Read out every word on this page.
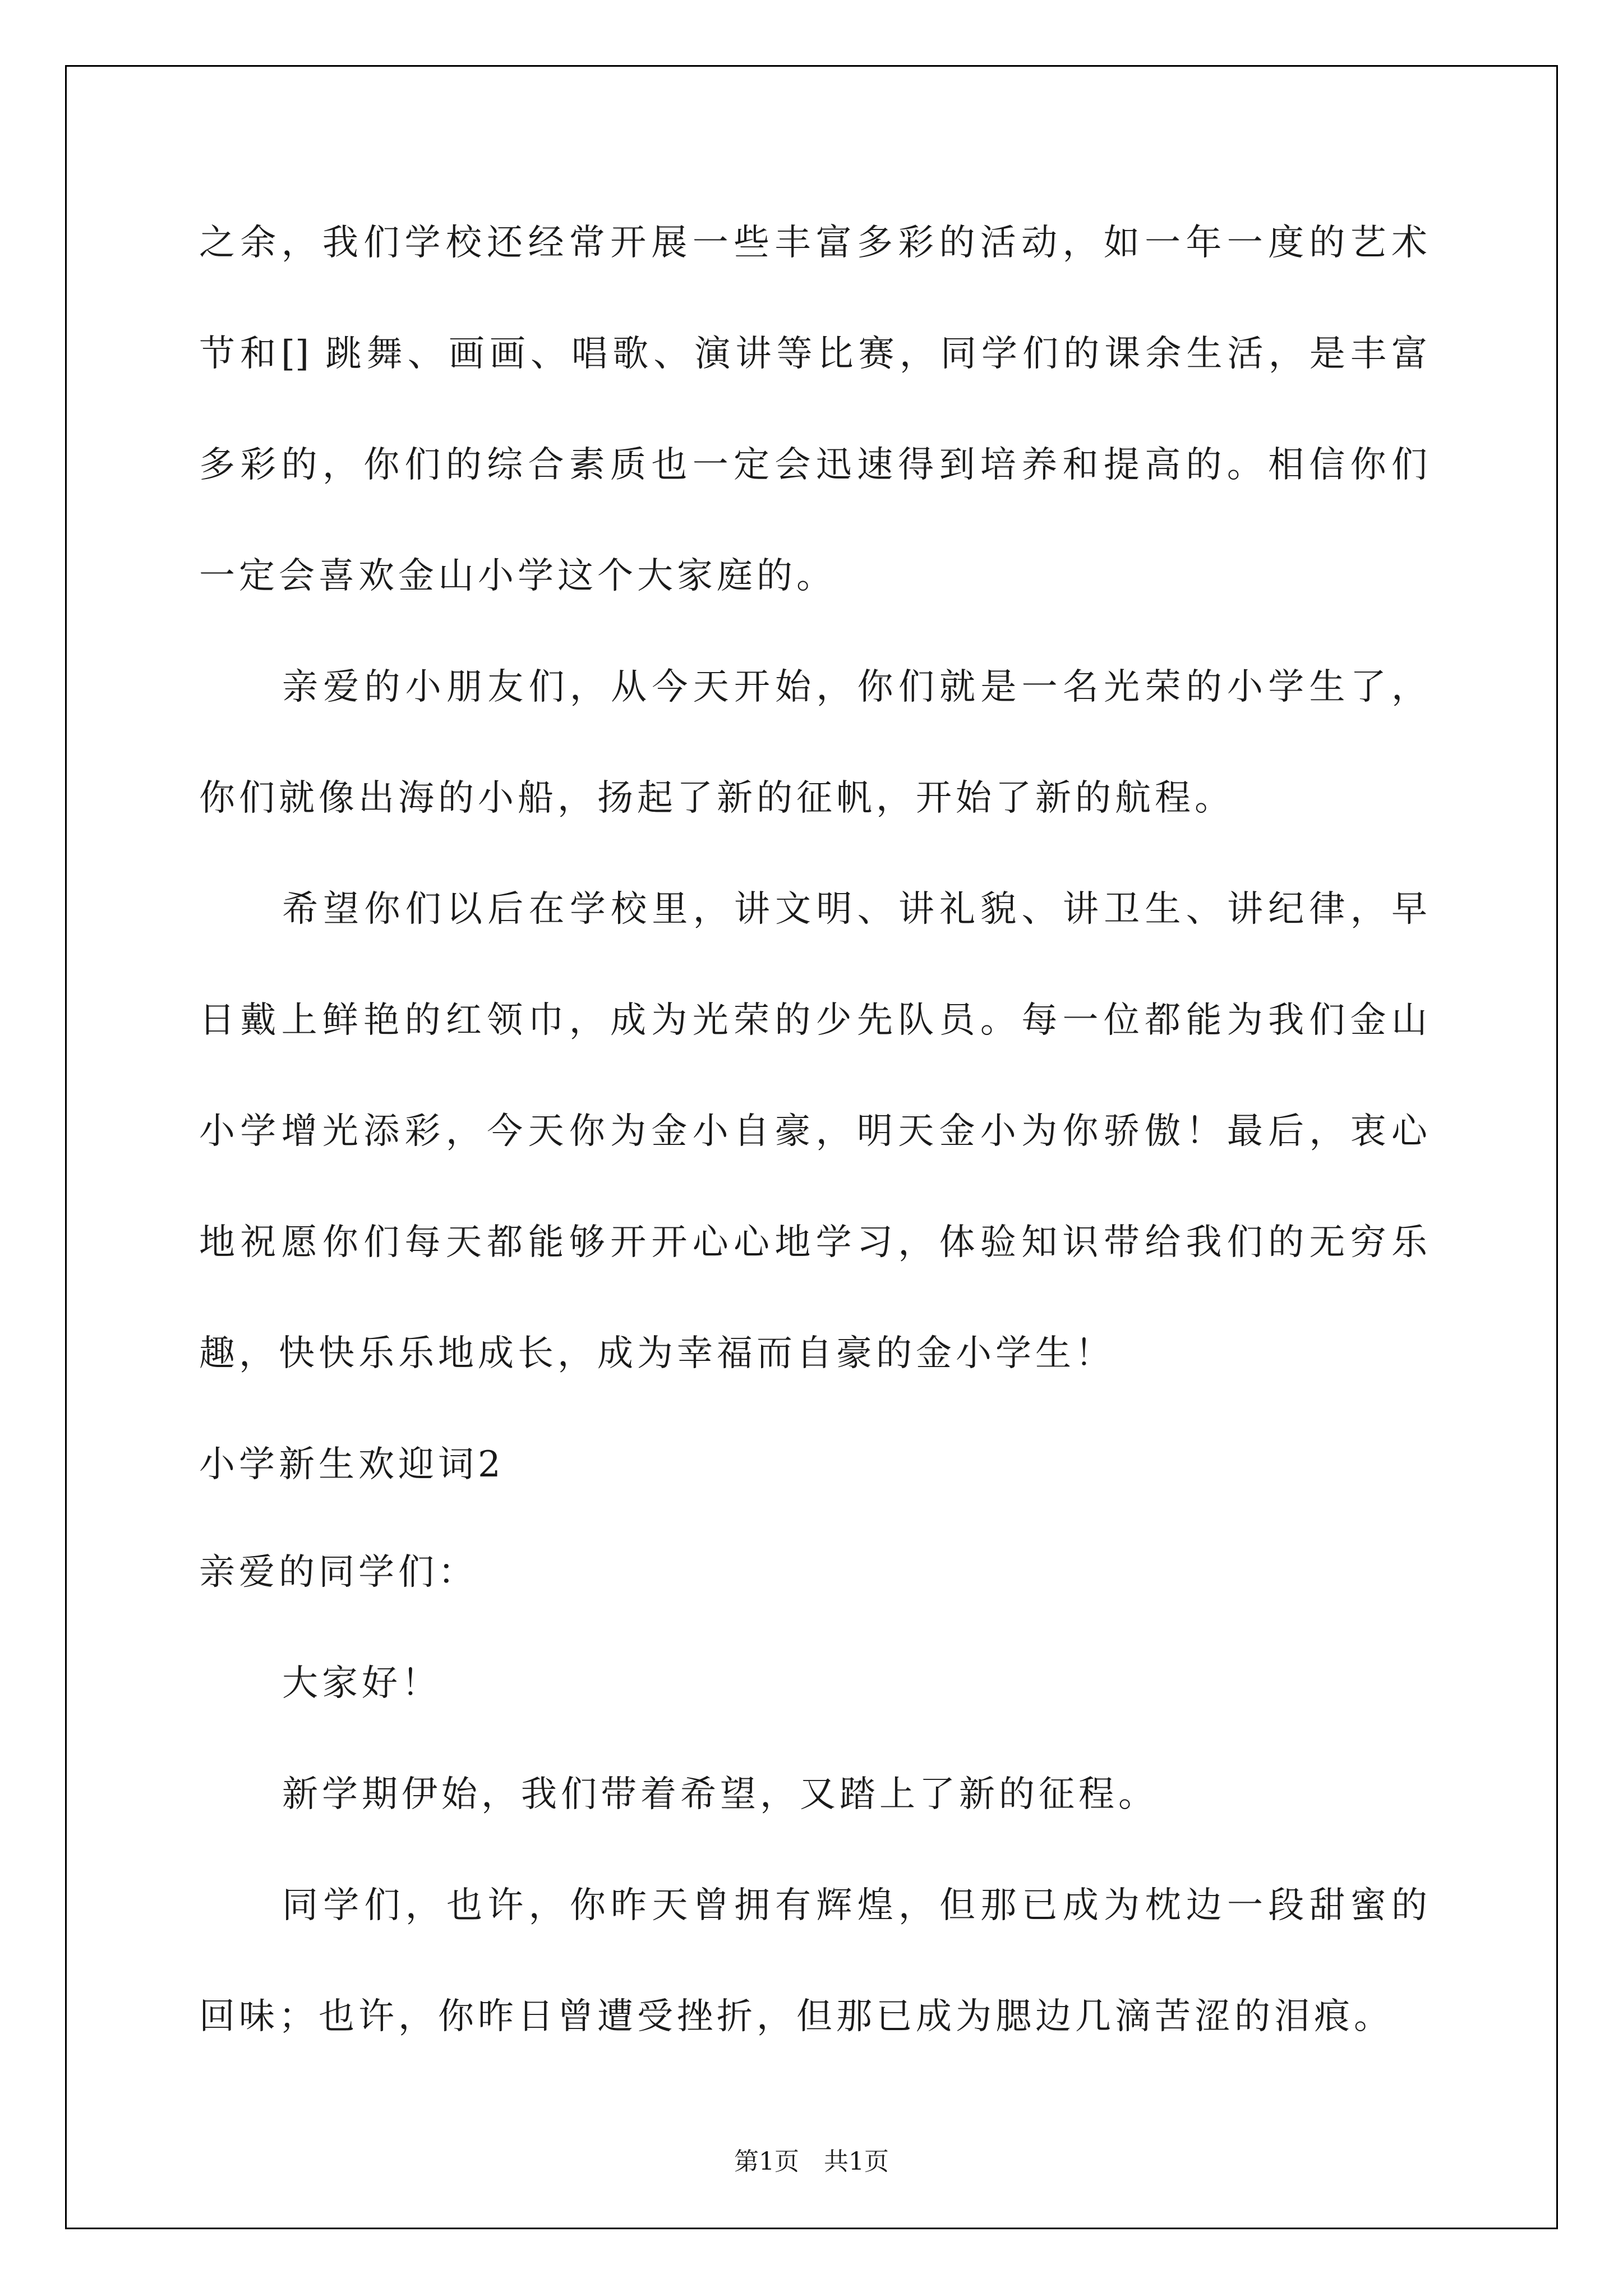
之余，我们学校还经常开展一些丰富多彩的活动，如一年一度的艺术
节和[] 跳舞、画画、唱歌、演讲等比赛，同学们的课余生活，是丰富
多彩的，你们的综合素质也一定会迅速得到培养和提高的。相信你们
一定会喜欢金山小学这个大家庭的。
亲爱的小朋友们，从今天开始，你们就是一名光荣的小学生了，
你们就像出海的小船，扬起了新的征帆，开始了新的航程。
希望你们以后在学校里，讲文明、讲礼貌、讲卫生、讲纪律，早
日戴上鲜艳的红领巾，成为光荣的少先队员。每一位都能为我们金山
小学增光添彩，今天你为金小自豪，明天金小为你骄傲！最后，衷心
地祝愿你们每天都能够开开心心地学习，体验知识带给我们的无穷乐
趣，快快乐乐地成长，成为幸福而自豪的金小学生！
小学新生欢迎词2
亲爱的同学们：
大家好！
新学期伊始，我们带着希望，又踏上了新的征程。
同学们，也许，你昨天曾拥有辉煌，但那已成为枕边一段甜蜜的
回味；也许，你昨日曾遭受挫折，但那已成为腮边几滴苦涩的泪痕。
第1页　共1页
